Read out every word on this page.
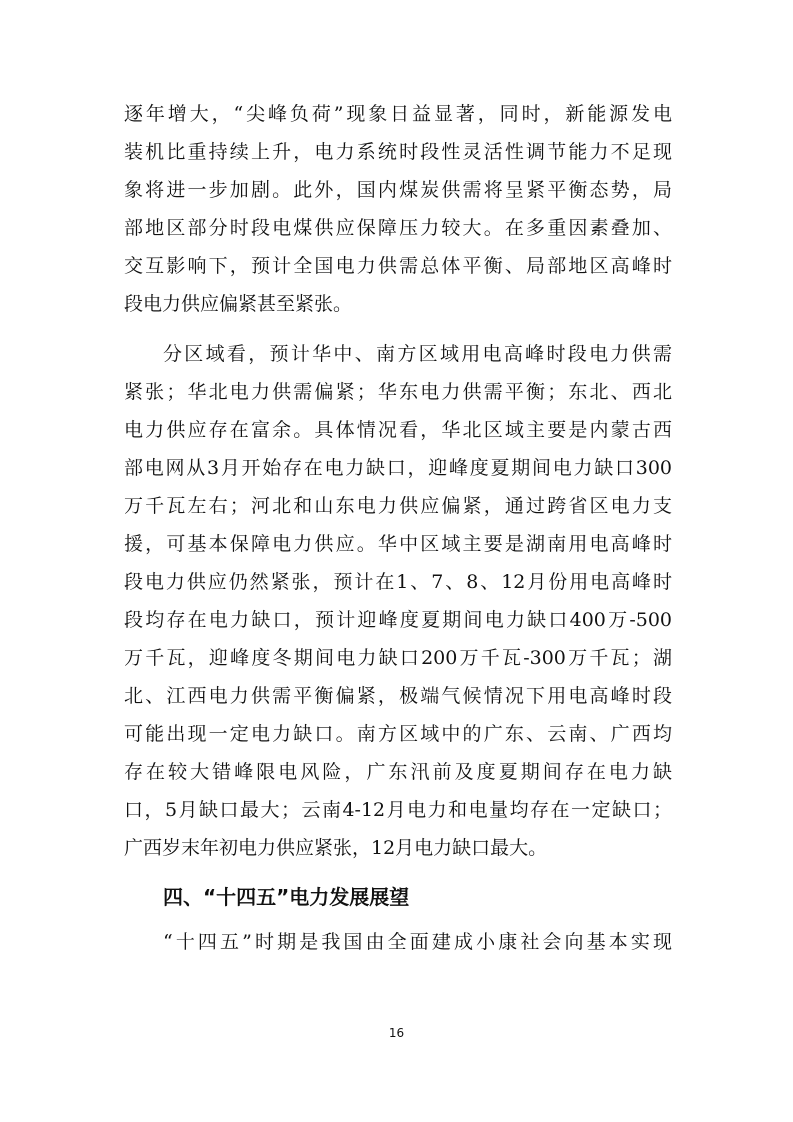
逐年增大，“尖峰负荷”现象日益显著，同时，新能源发电
装机比重持续上升，电力系统时段性灵活性调节能力不足现
象将进一步加剧。此外，国内煤炭供需将呈紧平衡态势，局
部地区部分时段电煤供应保障压力较大。在多重因素叠加、
交互影响下，预计全国电力供需总体平衡、局部地区高峰时
段电力供应偏紧甚至紧张。
分区域看，预计华中、南方区域用电高峰时段电力供需
紧张；华北电力供需偏紧；华东电力供需平衡；东北、西北
电力供应存在富余。具体情况看，华北区域主要是内蒙古西
部电网从3月开始存在电力缺口，迎峰度夏期间电力缺口300
万千瓦左右；河北和山东电力供应偏紧，通过跨省区电力支
援，可基本保障电力供应。华中区域主要是湖南用电高峰时
段电力供应仍然紧张，预计在1、7、8、12月份用电高峰时
段均存在电力缺口，预计迎峰度夏期间电力缺口400万-500
万千瓦，迎峰度冬期间电力缺口200万千瓦-300万千瓦；湖
北、江西电力供需平衡偏紧，极端气候情况下用电高峰时段
可能出现一定电力缺口。南方区域中的广东、云南、广西均
存在较大错峰限电风险，广东汛前及度夏期间存在电力缺
口，5月缺口最大；云南4-12月电力和电量均存在一定缺口；
广西岁末年初电力供应紧张，12月电力缺口最大。
四、“十四五”电力发展展望
“十四五”时期是我国由全面建成小康社会向基本实现
16
